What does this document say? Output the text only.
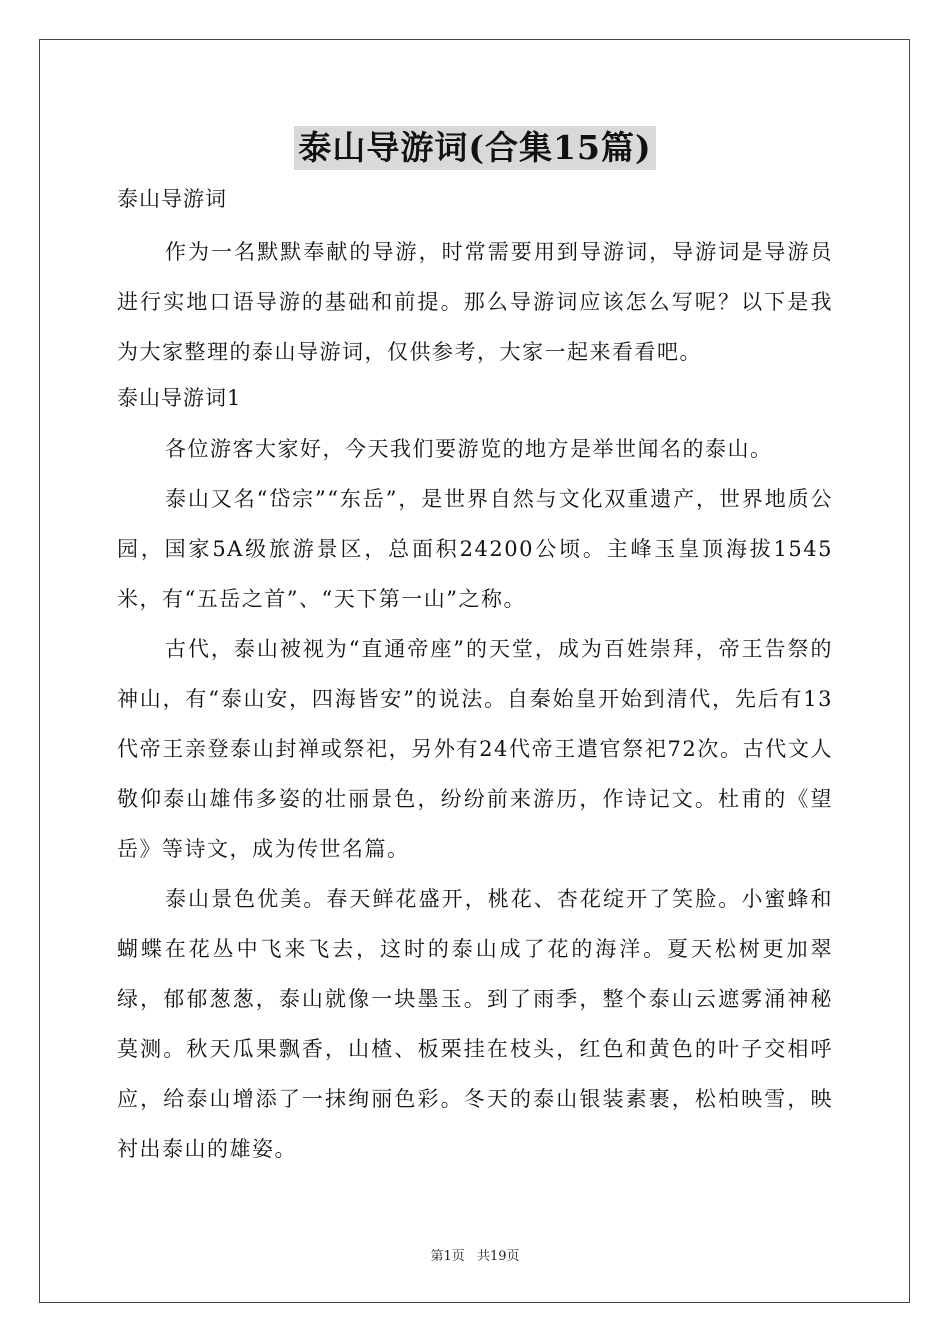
泰山导游词(合集15篇)

泰山导游词

作为一名默默奉献的导游，时常需要用到导游词，导游词是导游员进行实地口语导游的基础和前提。那么导游词应该怎么写呢？以下是我为大家整理的泰山导游词，仅供参考，大家一起来看看吧。

泰山导游词1

各位游客大家好，今天我们要游览的地方是举世闻名的泰山。

泰山又名“岱宗”“东岳”，是世界自然与文化双重遗产，世界地质公园，国家5A级旅游景区，总面积24200公顷。主峰玉皇顶海拔1545米，有“五岳之首”、“天下第一山”之称。

古代，泰山被视为“直通帝座”的天堂，成为百姓崇拜，帝王告祭的神山，有“泰山安，四海皆安”的说法。自秦始皇开始到清代，先后有13代帝王亲登泰山封禅或祭祀，另外有24代帝王遣官祭祀72次。古代文人敬仰泰山雄伟多姿的壮丽景色，纷纷前来游历，作诗记文。杜甫的《望岳》等诗文，成为传世名篇。

泰山景色优美。春天鲜花盛开，桃花、杏花绽开了笑脸。小蜜蜂和蝴蝶在花丛中飞来飞去，这时的泰山成了花的海洋。夏天松树更加翠绿，郁郁葱葱，泰山就像一块墨玉。到了雨季，整个泰山云遮雾涌神秘莫测。秋天瓜果飘香，山楂、板栗挂在枝头，红色和黄色的叶子交相呼应，给泰山增添了一抹绚丽色彩。冬天的泰山银装素裹，松柏映雪，映衬出泰山的雄姿。

第1页 共19页
